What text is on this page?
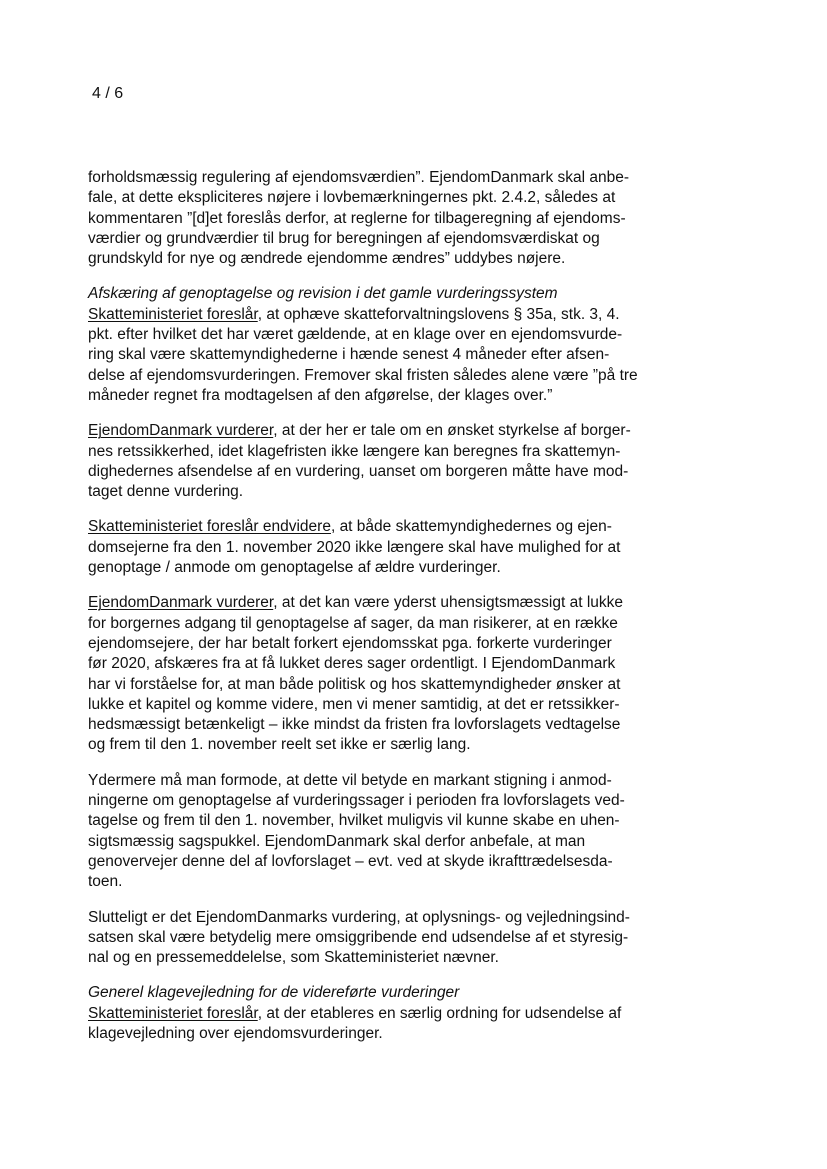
4 / 6
forholdsmæssig regulering af ejendomsværdien”. EjendomDanmark skal anbe-
fale, at dette ekspliciteres nøjere i lovbemærkningernes pkt. 2.4.2, således at
kommentaren ”[d]et foreslås derfor, at reglerne for tilbageregning af ejendoms-
værdier og grundværdier til brug for beregningen af ejendomsværdiskat og
grundskyld for nye og ændrede ejendomme ændres” uddybes nøjere.
Afskæring af genoptagelse og revision i det gamle vurderingssystem
Skatteministeriet foreslår, at ophæve skatteforvaltningslovens § 35a, stk. 3, 4.
pkt. efter hvilket det har været gældende, at en klage over en ejendomsvurde-
ring skal være skattemyndighederne i hænde senest 4 måneder efter afsen-
delse af ejendomsvurderingen. Fremover skal fristen således alene være ”på tre
måneder regnet fra modtagelsen af den afgørelse, der klages over.”
EjendomDanmark vurderer, at der her er tale om en ønsket styrkelse af borger-
nes retssikkerhed, idet klagefristen ikke længere kan beregnes fra skattemyn-
dighedernes afsendelse af en vurdering, uanset om borgeren måtte have mod-
taget denne vurdering.
Skatteministeriet foreslår endvidere, at både skattemyndighedernes og ejen-
domsejerne fra den 1. november 2020 ikke længere skal have mulighed for at
genoptage / anmode om genoptagelse af ældre vurderinger.
EjendomDanmark vurderer, at det kan være yderst uhensigtsmæssigt at lukke
for borgernes adgang til genoptagelse af sager, da man risikerer, at en række
ejendomsejere, der har betalt forkert ejendomsskat pga. forkerte vurderinger
før 2020, afskæres fra at få lukket deres sager ordentligt. I EjendomDanmark
har vi forståelse for, at man både politisk og hos skattemyndigheder ønsker at
lukke et kapitel og komme videre, men vi mener samtidig, at det er retssikker-
hedsmæssigt betænkeligt – ikke mindst da fristen fra lovforslagets vedtagelse
og frem til den 1. november reelt set ikke er særlig lang.
Ydermere må man formode, at dette vil betyde en markant stigning i anmod-
ningerne om genoptagelse af vurderingssager i perioden fra lovforslagets ved-
tagelse og frem til den 1. november, hvilket muligvis vil kunne skabe en uhen-
sigtsmæssig sagspukkel. EjendomDanmark skal derfor anbefale, at man
genovervejer denne del af lovforslaget – evt. ved at skyde ikrafttrædelsesda-
toen.
Slutteligt er det EjendomDanmarks vurdering, at oplysnings- og vejledningsind-
satsen skal være betydelig mere omsiggribende end udsendelse af et styresig-
nal og en pressemeddelelse, som Skatteministeriet nævner.
Generel klagevejledning for de videreførte vurderinger
Skatteministeriet foreslår, at der etableres en særlig ordning for udsendelse af
klagevejledning over ejendomsvurderinger.
